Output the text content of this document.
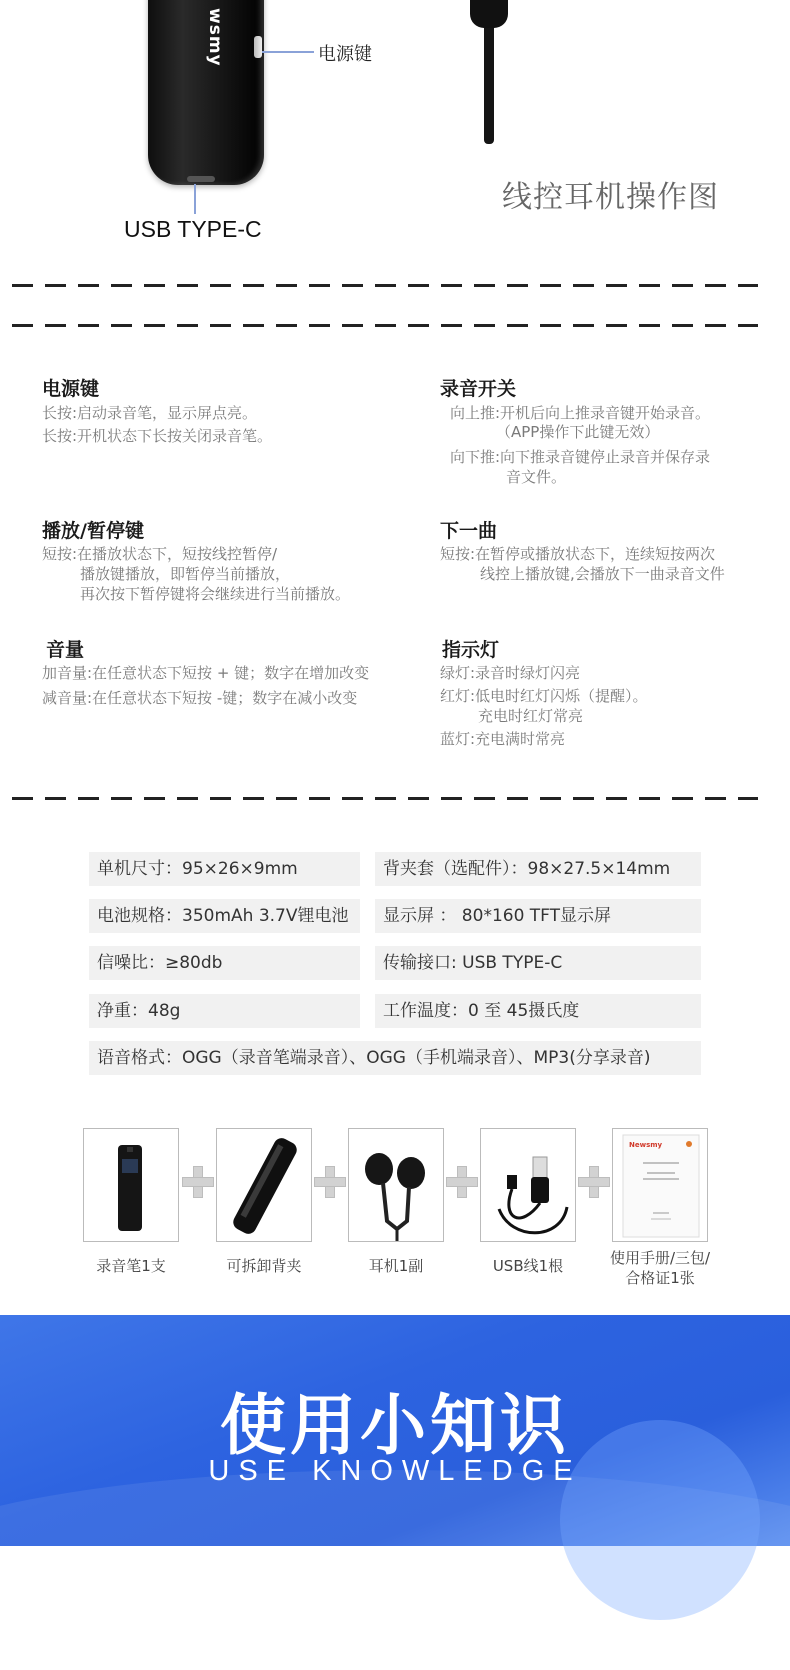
wsmy	电源键
USB TYPE-C
线控耳机操作图
电源键
长按:启动录音笔，显示屏点亮。
长按:开机状态下长按关闭录音笔。
录音开关
向上推:开机后向上推录音键开始录音。
（APP操作下此键无效）
向下推:向下推录音键停止录音并保存录
音文件。
播放/暂停键
短按:在播放状态下，短按线控暂停/
播放键播放，即暂停当前播放，
再次按下暂停键将会继续进行当前播放。
下一曲
短按:在暂停或播放状态下，连续短按两次
线控上播放键,会播放下一曲录音文件
音量
加音量:在任意状态下短按 + 键；数字在增加改变
减音量:在任意状态下短按 -键；数字在减小改变
指示灯
绿灯:录音时绿灯闪亮
红灯:低电时红灯闪烁（提醒）。
充电时红灯常亮
蓝灯:充电满时常亮
单机尺寸：95×26×9mm	背夹套（选配件）：98×27.5×14mm
电池规格：350mAh 3.7V锂电池	显示屏 ： 80*160 TFT显示屏
信噪比：≥80db	传输接口: USB TYPE-C
净重：48g	工作温度：0 至 45摄氏度
语音格式：OGG（录音笔端录音）、OGG（手机端录音）、MP3(分享录音)
Newsmy
录音笔1支	可拆卸背夹	耳机1副	USB线1根	使用手册/三包/
合格证1张
使用小知识
USE KNOWLEDGE
